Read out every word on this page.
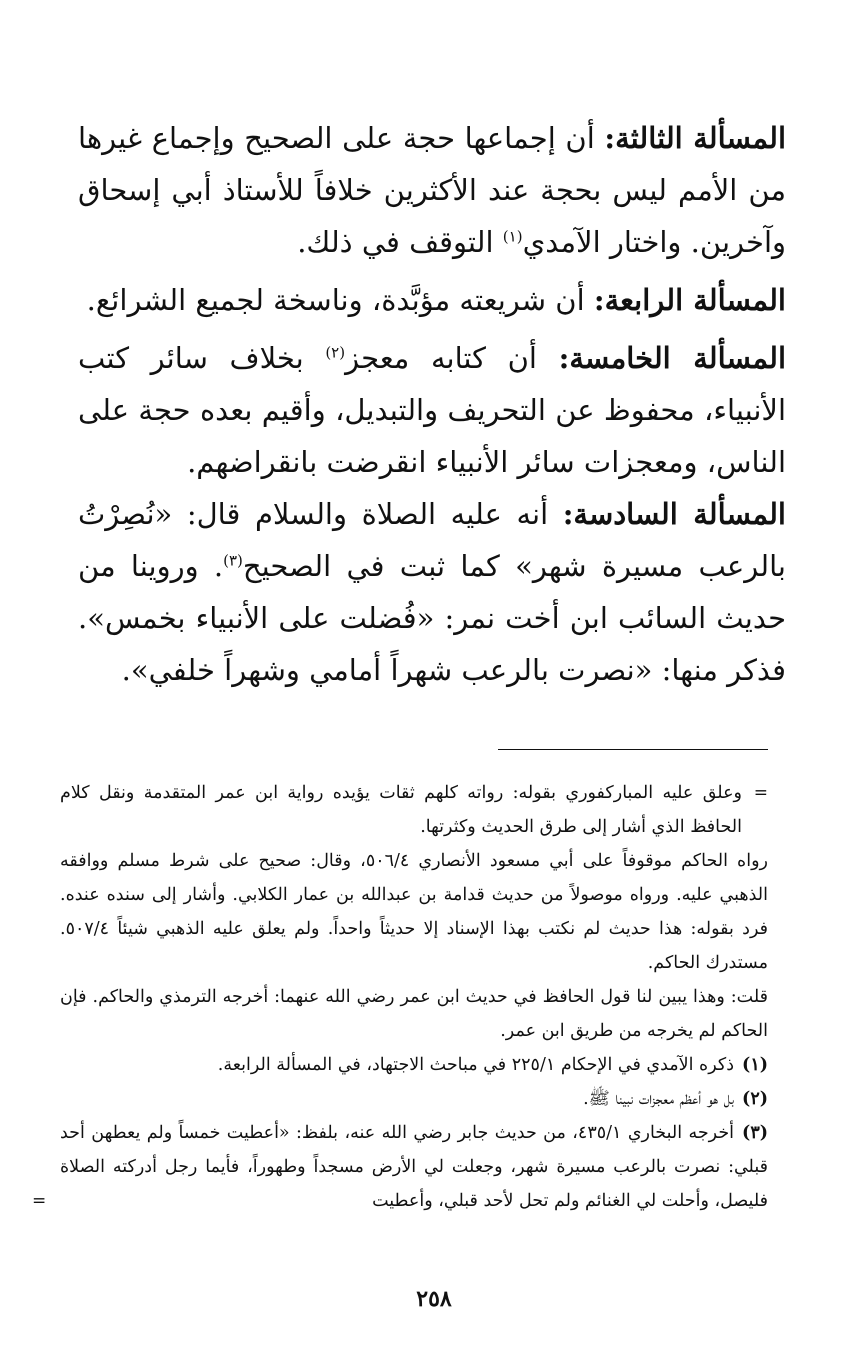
المسألة الثالثة: أن إجماعها حجة على الصحيح وإجماع غيرها من الأمم ليس بحجة عند الأكثرين خلافاً للأستاذ أبي إسحاق وآخرين. واختار الآمدي$^{(١)}$ التوقف في ذلك.

المسألة الرابعة: أن شريعته مؤبَّدة، وناسخة لجميع الشرائع.

المسألة الخامسة: أن كتابه معجز$^{(٢)}$ بخلاف سائر كتب الأنبياء، محفوظ عن التحريف والتبديل، وأقيم بعده حجة على الناس، ومعجزات سائر الأنبياء انقرضت بانقراضهم.

المسألة السادسة: أنه عليه الصلاة والسلام قال: «نُصِرْتُ بالرعب مسيرة شهر» كما ثبت في الصحيح$^{(٣)}$. وروينا من حديث السائب ابن أخت نمر: «فُضلت على الأنبياء بخمس». فذكر منها: «نصرت بالرعب شهراً أمامي وشهراً خلفي».

=
وعلق عليه المباركفوري بقوله: رواته كلهم ثقات يؤيده رواية ابن عمر المتقدمة ونقل كلام الحافظ الذي أشار إلى طرق الحديث وكثرتها.

رواه الحاكم موقوفاً على أبي مسعود الأنصاري ٥٠٦/٤، وقال: صحيح على شرط مسلم ووافقه الذهبي عليه. ورواه موصولاً من حديث قدامة بن عبدالله بن عمار الكلابي. وأشار إلى سنده عنده. فرد بقوله: هذا حديث لم نكتب بهذا الإسناد إلا حديثاً واحداً. ولم يعلق عليه الذهبي شيئاً ٥٠٧/٤. مستدرك الحاكم.

قلت: وهذا يبين لنا قول الحافظ في حديث ابن عمر رضي الله عنهما: أخرجه الترمذي والحاكم. فإن الحاكم لم يخرجه من طريق ابن عمر.

(١)ذكره الآمدي في الإحكام ٢٢٥/١ في مباحث الاجتهاد، في المسألة الرابعة.

(٢)بل هو أعظم معجزات نبينا ﷺ.

(٣)أخرجه البخاري ٤٣٥/١، من حديث جابر رضي الله عنه، بلفظ: «أعطيت خمساً ولم يعطهن أحد قبلي: نصرت بالرعب مسيرة شهر، وجعلت لي الأرض مسجداً وطهوراً، فأيما رجل أدركته الصلاة فليصل، وأحلت لي الغنائم ولم تحل لأحد قبلي، وأعطيت
=

٢٥٨
